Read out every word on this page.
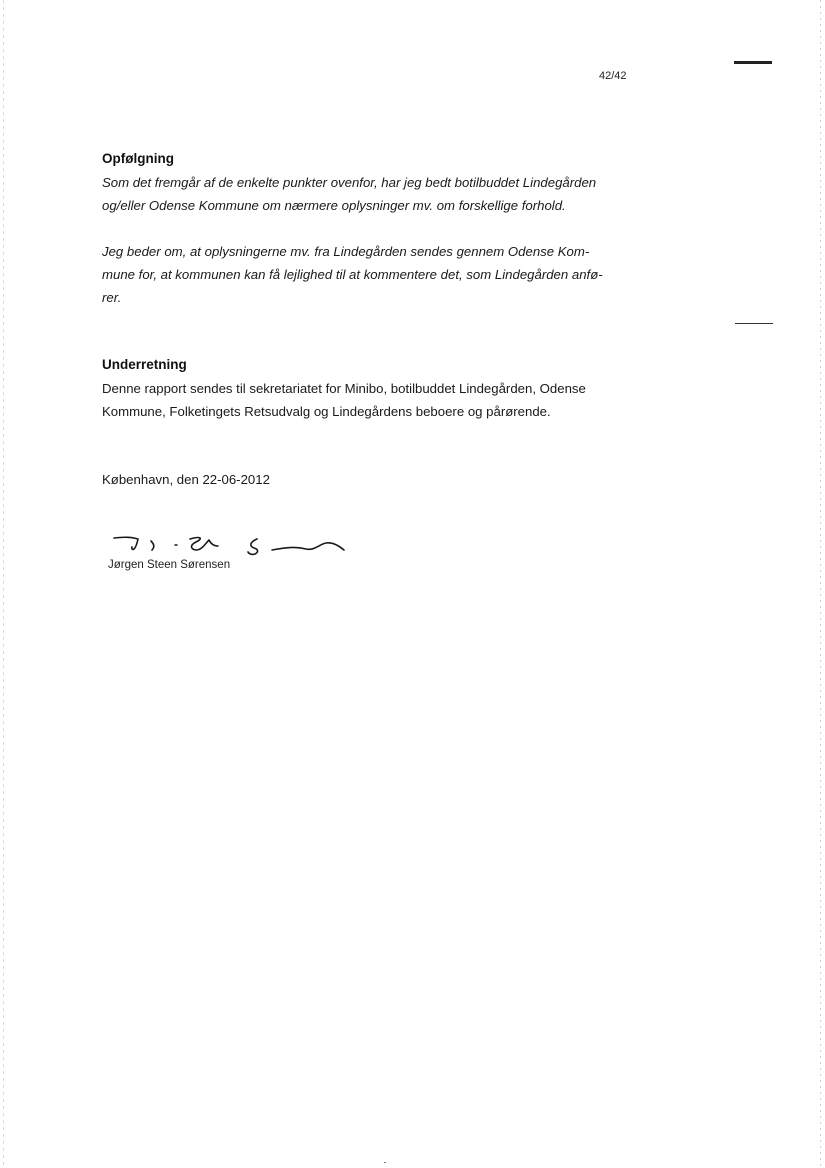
42/42
Opfølgning
Som det fremgår af de enkelte punkter ovenfor, har jeg bedt botilbuddet Lindegården
og/eller Odense Kommune om nærmere oplysninger mv. om forskellige forhold.
Jeg beder om, at oplysningerne mv. fra Lindegården sendes gennem Odense Kom-
mune for, at kommunen kan få lejlighed til at kommentere det, som Lindegården anfø-
rer.
Underretning
Denne rapport sendes til sekretariatet for Minibo, botilbuddet Lindegården, Odense
Kommune, Folketingets Retsudvalg og Lindegårdens beboere og pårørende.
København, den 22-06-2012
Jørgen Steen Sørensen
